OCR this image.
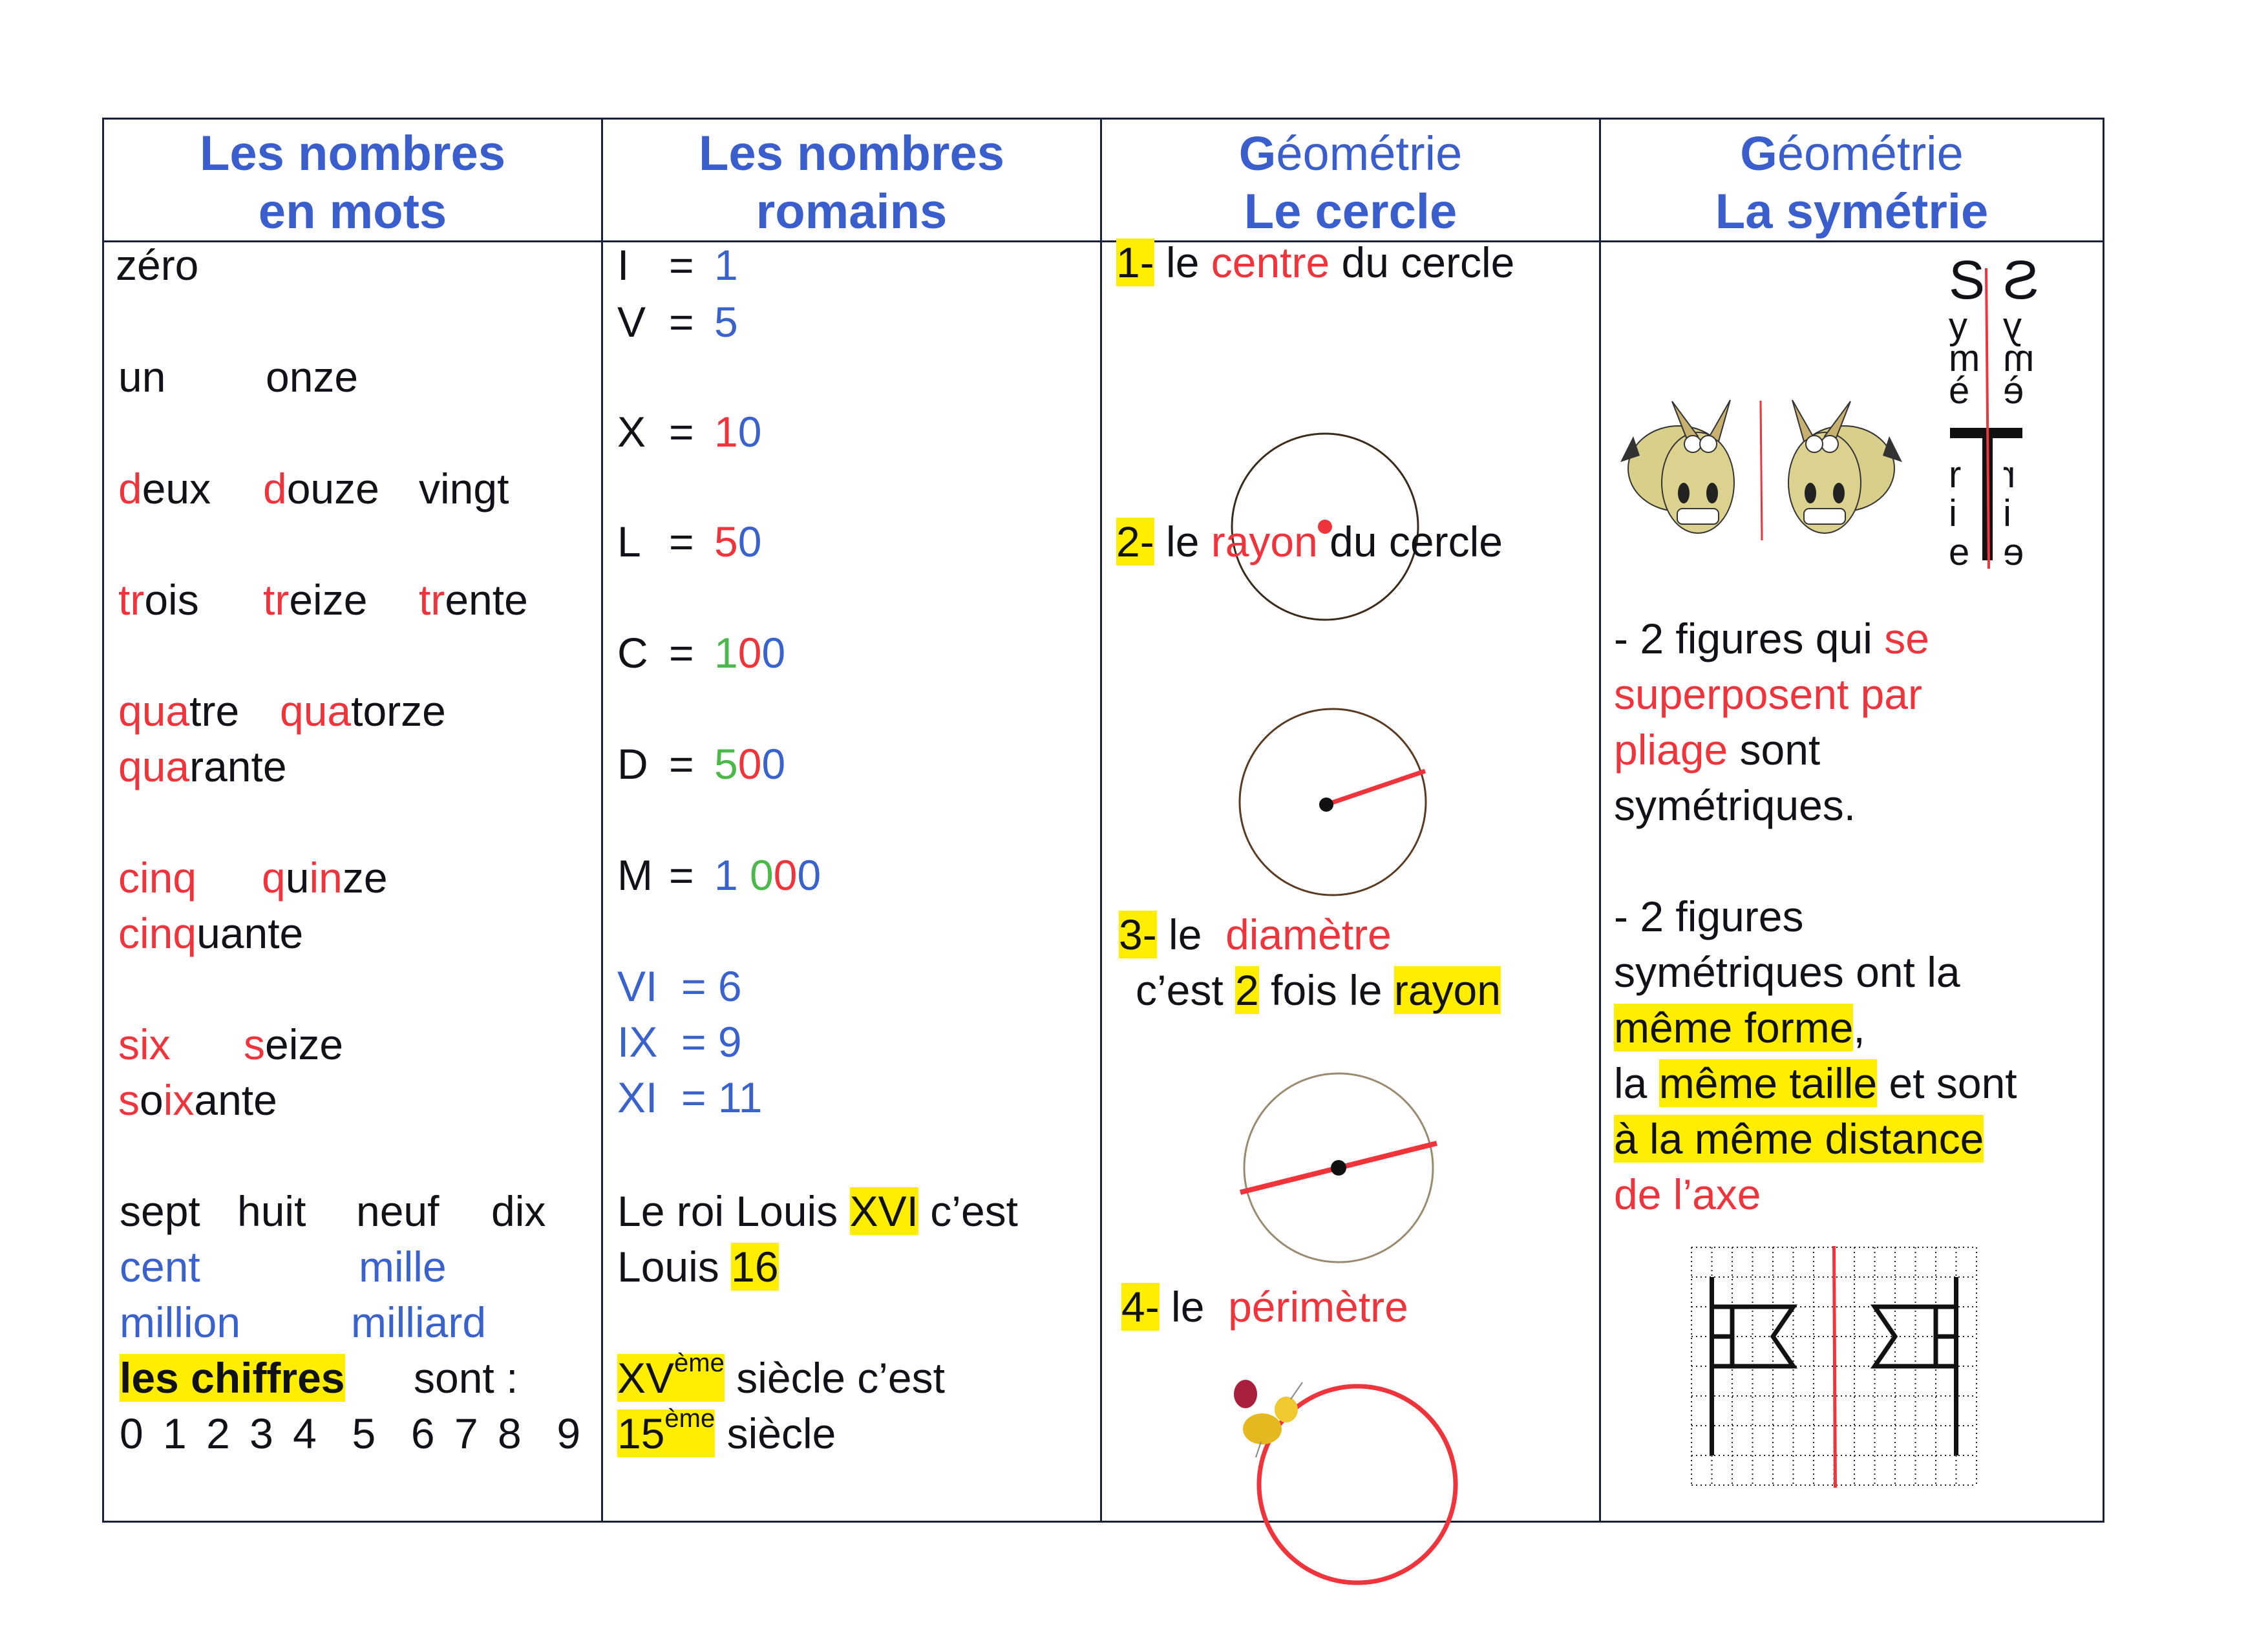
Les nombres
en mots
zéro
un onze
deux douze vingt
trois treize trente
quatre quatorze
quarante
cinq quinze
cinquante
six seize
soixante
sept huit neuf dix
cent	mille
million	milliard
les chiffres sont :
0 1 2 3 4  5  6 7 8  9
Les nombres
romains
I = 1
V = 5
X = 10
L = 50
C = 100
D = 500
M = 1 000
VI  = 6
IX  = 9
XI  = 11
Le roi Louis XVI c’est
Louis 16
XVème siècle c’est
15ème siècle
Géométrie
Le cercle
1- le centre du cercle
2- le rayon du cercle
3- le  diamètre
c’est 2 fois le rayon
4- le  périmètre
Géométrie
La symétrie
S
y
m
é
r
i
e
S
y
m
è
r
i
e
- 2 figures qui se
superposent par
pliage sont
symétriques.
- 2 figures
symétriques ont la
même forme,
la même taille et sont
à la même distance
de l’axe
